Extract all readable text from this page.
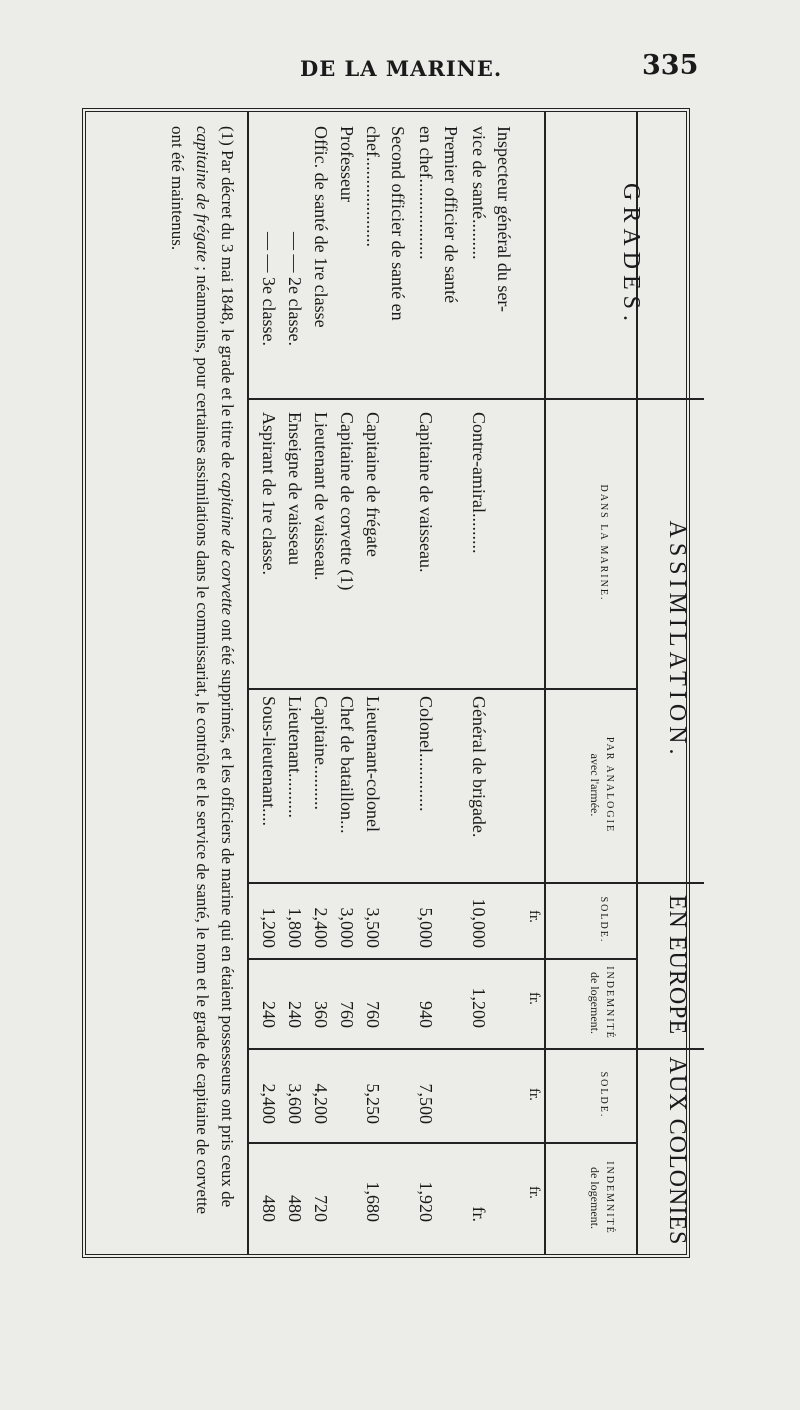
DE LA MARINE.	335
GRADES.
ASSIMILATION.
EN EUROPE
AUX COLONIES
DANS LA MARINE.
PAR ANALOGIE
avec l'armée.
SOLDE.
INDEMNITÉ
de logement.
SOLDE.
INDEMNITÉ
de logement.
fr.
fr.
fr.
fr.
Inspecteur général du ser-
vice de santé.........
Contre-amiral.........
Général de brigade.
10,000
1,200
fr.
Premier officier de santé
en chef..................
Capitaine de vaisseau.
Colonel.............
5,000
940
7,500
1,920
Second officier de santé en
chef....................
Capitaine de frégate
Lieutenant-colonel
3,500
760
5,250
1,680
Professeur
Capitaine de corvette (1)
Chef de bataillon...
3,000
760
Offic. de santé de 1re classe
Lieutenant de vaisseau.
Capitaine..........
2,400
360
4,200
720
— — 2e classe.
Enseigne de vaisseau
Lieutenant..........
1,800
240
3,600
480
— — 3e classe.
Aspirant de 1re classe.
Sous-lieutenant....
1,200
240
2,400
480
(1) Par décret du 3 mai 1848, le grade et le titre de capitaine de corvette ont été supprimés, et les officiers de marine qui en étaient possesseurs ont pris ceux de capitaine de frégate ; néanmoins, pour certaines assimilations dans le commissariat, le contrôle et le service de santé, le nom et le grade de capitaine de corvette ont été maintenus.
